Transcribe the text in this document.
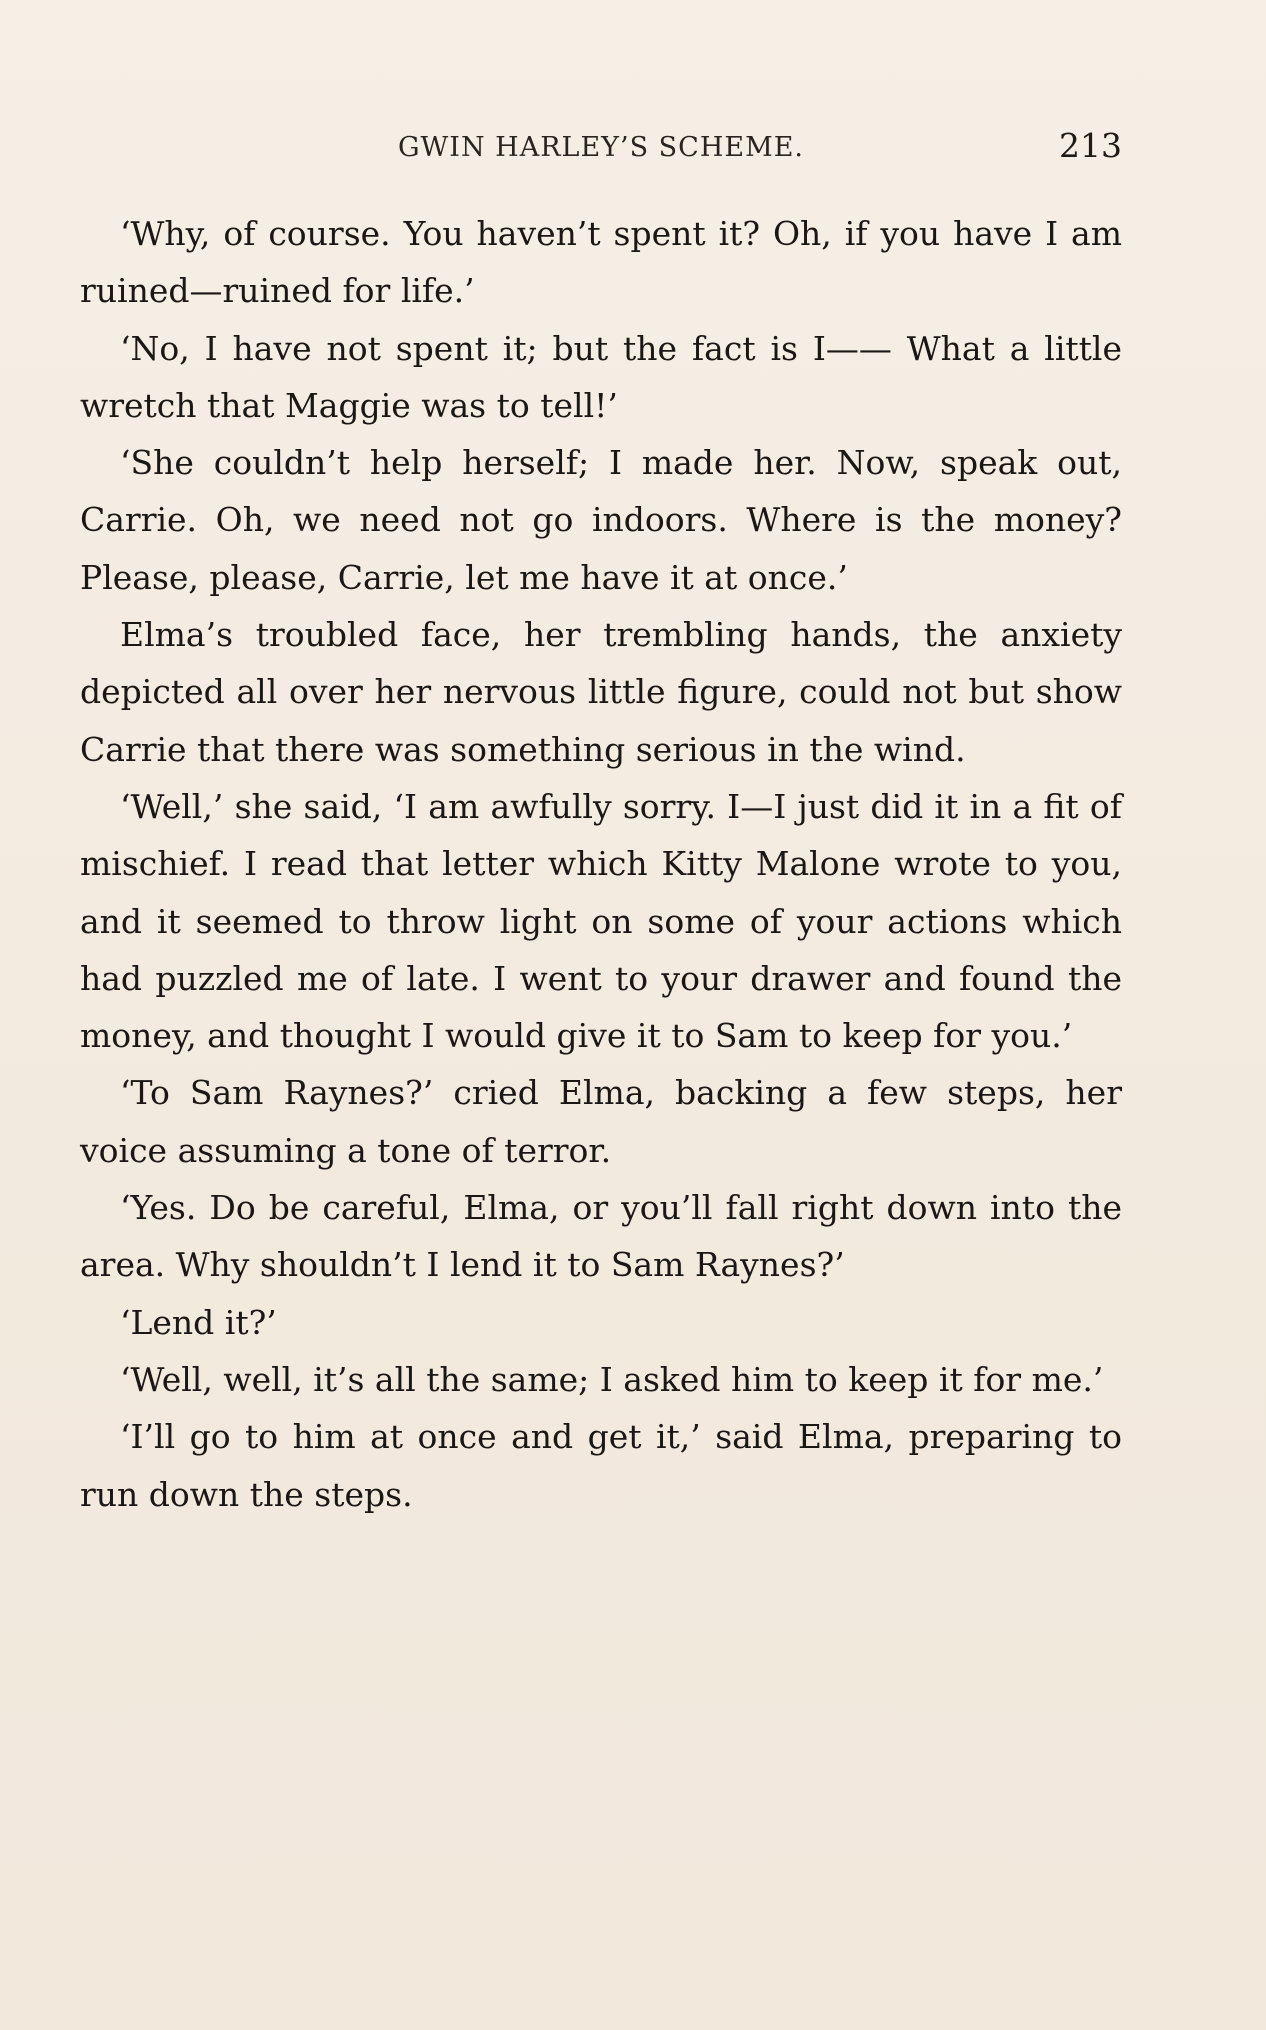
GWIN HARLEY’S SCHEME.	213

‘Why, of course. You haven’t spent it? Oh, if you have I am ruined—ruined for life.’

‘No, I have not spent it; but the fact is I—— What a little wretch that Maggie was to tell!’

‘She couldn’t help herself; I made her. Now, speak out, Carrie. Oh, we need not go indoors. Where is the money? Please, please, Carrie, let me have it at once.’

Elma’s troubled face, her trembling hands, the anxiety depicted all over her nervous little figure, could not but show Carrie that there was something serious in the wind.

‘Well,’ she said, ‘I am awfully sorry. I—I just did it in a fit of mischief. I read that letter which Kitty Malone wrote to you, and it seemed to throw light on some of your actions which had puzzled me of late. I went to your drawer and found the money, and thought I would give it to Sam to keep for you.’

‘To Sam Raynes?’ cried Elma, backing a few steps, her voice assuming a tone of terror.

‘Yes. Do be careful, Elma, or you’ll fall right down into the area. Why shouldn’t I lend it to Sam Raynes?’

‘Lend it?’

‘Well, well, it’s all the same; I asked him to keep it for me.’

‘I’ll go to him at once and get it,’ said Elma, preparing to run down the steps.
